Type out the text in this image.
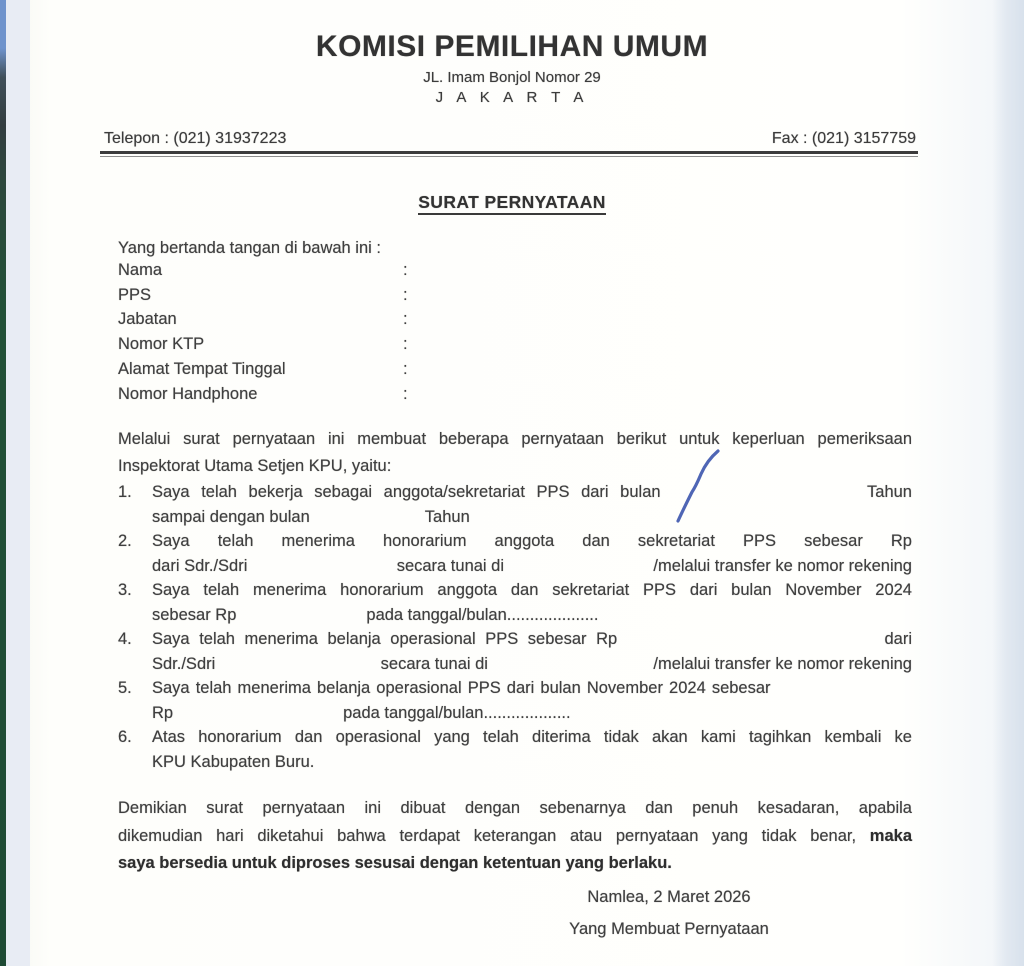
KOMISI PEMILIHAN UMUM
JL. Imam Bonjol Nomor 29
J A K A R T A
Telepon : (021) 31937223	Fax : (021) 3157759
SURAT PERNYATAAN
Yang bertanda tangan di bawah ini :
Nama	:
PPS	:
Jabatan	:
Nomor KTP	:
Alamat Tempat Tinggal	:
Nomor Handphone	:
Melalui surat pernyataan ini membuat beberapa pernyataan berikut untuk keperluan pemeriksaan
Inspektorat Utama Setjen KPU, yaitu:
1.	Saya telah bekerja sebagai anggota/sekretariat PPS dari bulan	Tahun
sampai dengan bulan	Tahun
2.	Saya telah menerima honorarium anggota dan sekretariat PPS sebesar Rp
dari Sdr./Sdri	secara tunai di	/melalui transfer ke nomor rekening
3.	Saya telah menerima honorarium anggota dan sekretariat PPS dari bulan November 2024
sebesar Rp	pada tanggal/bulan....................
4.	Saya telah menerima belanja operasional PPS sebesar Rp	dari
Sdr./Sdri	secara tunai di	/melalui transfer ke nomor rekening
5.	Saya telah menerima belanja operasional PPS dari bulan November 2024 sebesar
Rp	pada tanggal/bulan...................
6.	Atas honorarium dan operasional yang telah diterima tidak akan kami tagihkan kembali ke
KPU Kabupaten Buru.
Demikian surat pernyataan ini dibuat dengan sebenarnya dan penuh kesadaran, apabila
dikemudian hari diketahui bahwa terdapat keterangan atau pernyataan yang tidak benar, maka
saya bersedia untuk diproses sesusai dengan ketentuan yang berlaku.
Namlea, 2 Maret 2026
Yang Membuat Pernyataan
